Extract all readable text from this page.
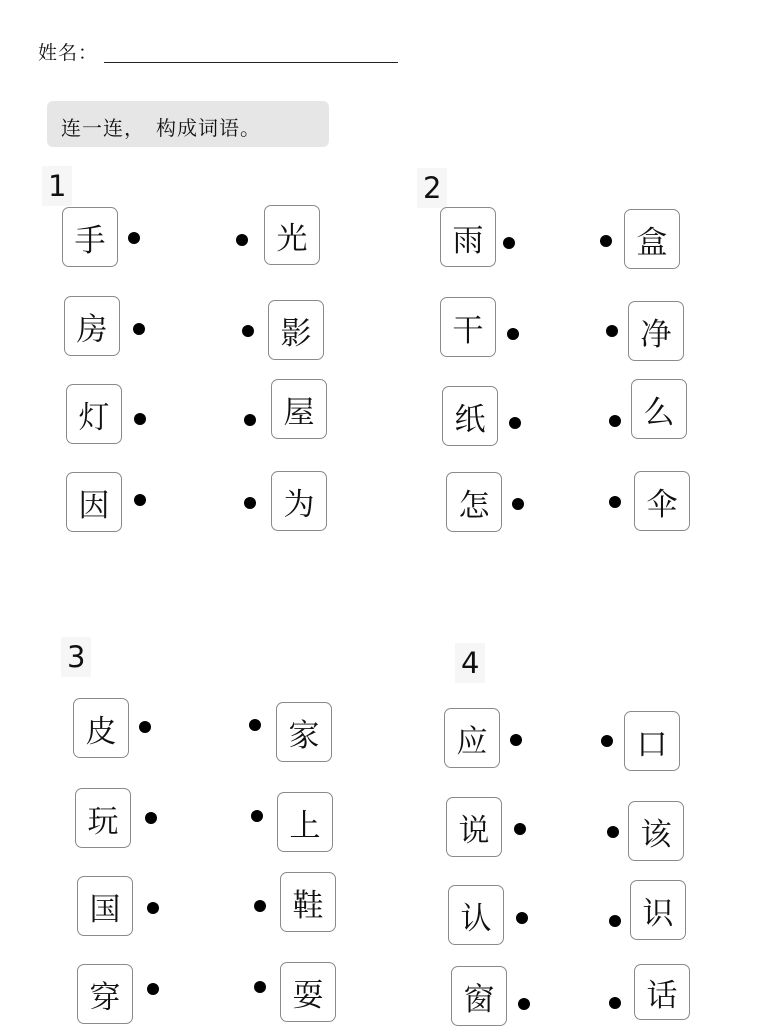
姓名：
连一连，　构成词语。
1
手	光
房	影
灯	屋
因	为
2
雨	盒
干	净
纸	么
怎	伞
3
皮	家
玩	上
国	鞋
穿	耍
4
应	口
说	该
认	识
窗	话
